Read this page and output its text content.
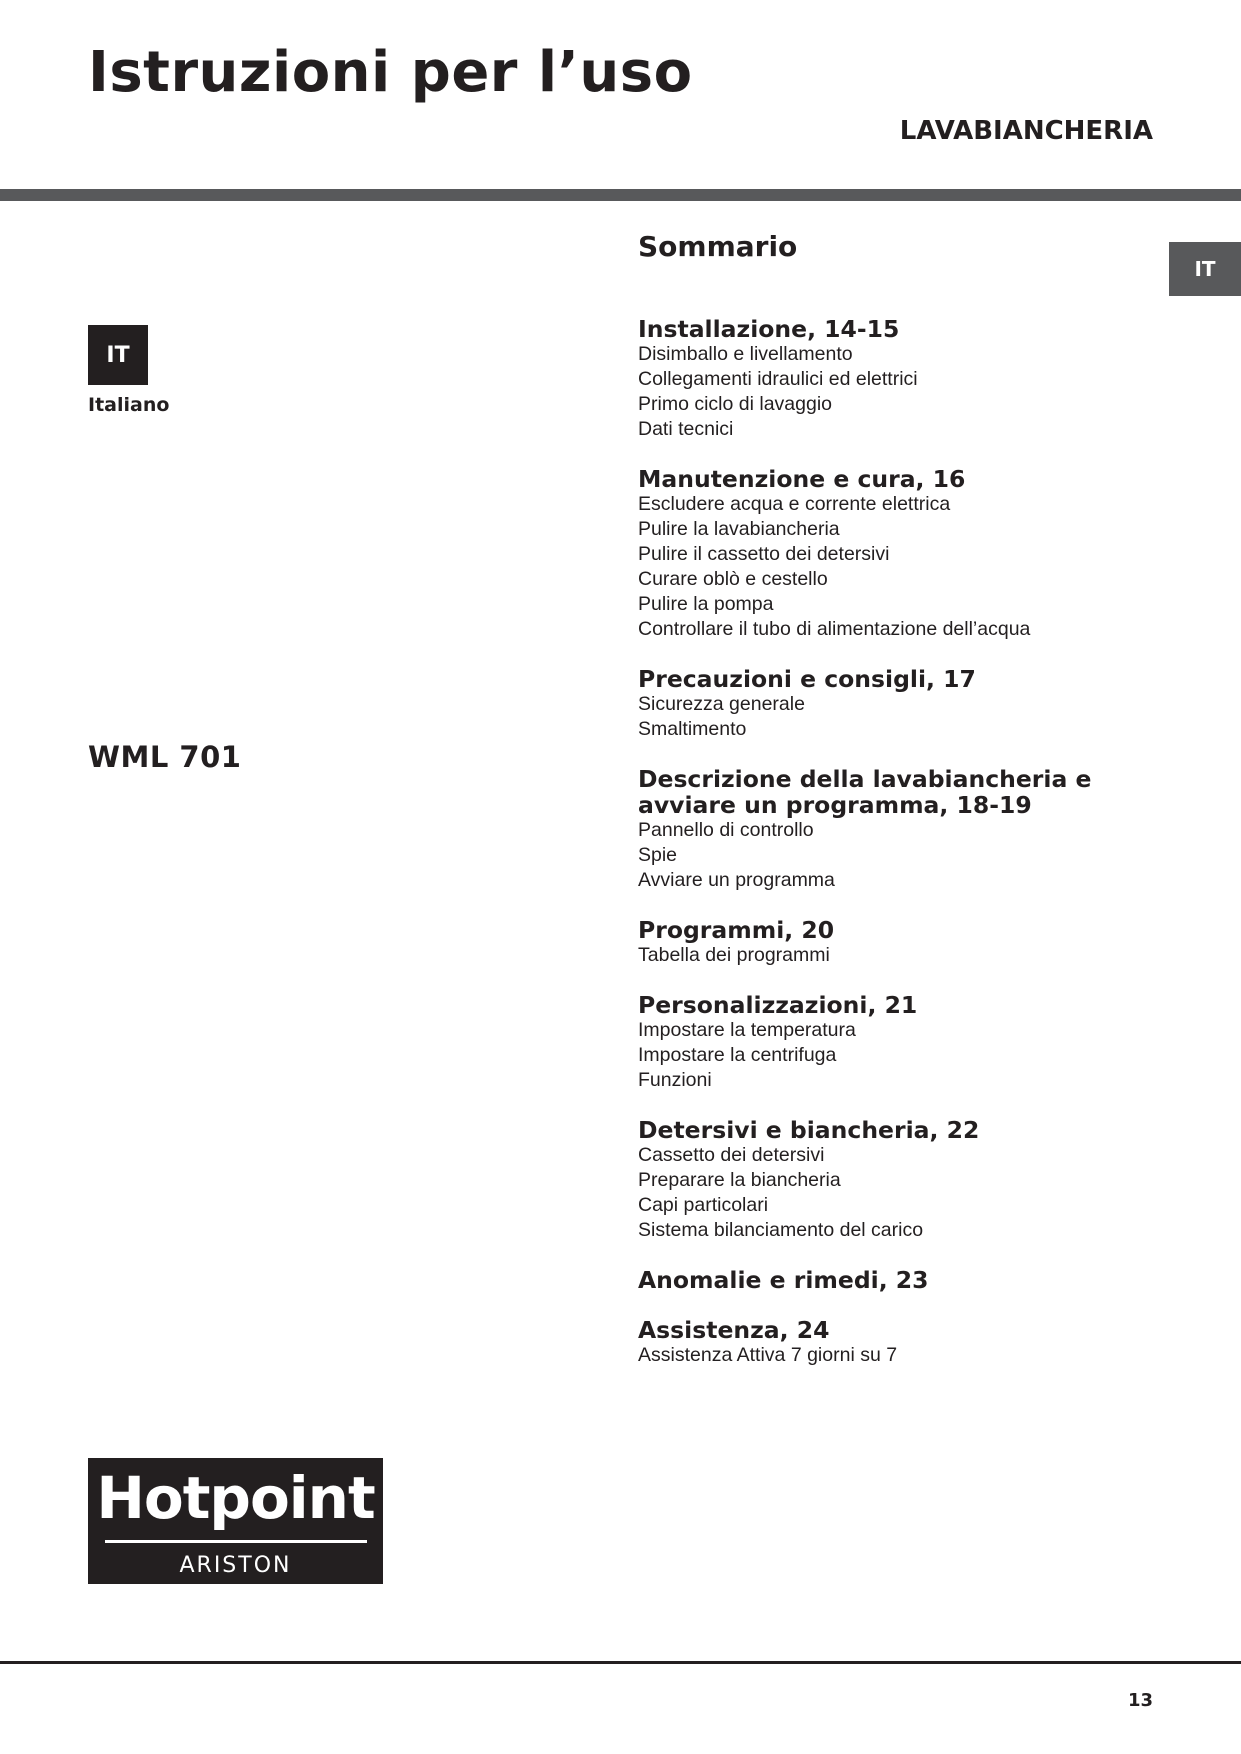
Istruzioni per l’uso
LAVABIANCHERIA
IT
IT
Italiano
WML 701
Sommario
Installazione, 14-15
Disimballo e livellamento
Collegamenti idraulici ed elettrici
Primo ciclo di lavaggio
Dati tecnici
Manutenzione e cura, 16
Escludere acqua e corrente elettrica
Pulire la lavabiancheria
Pulire il cassetto dei detersivi
Curare oblò e cestello
Pulire la pompa
Controllare il tubo di alimentazione dell’acqua
Precauzioni e consigli, 17
Sicurezza generale
Smaltimento
Descrizione della lavabiancheria e
avviare un programma, 18-19
Pannello di controllo
Spie
Avviare un programma
Programmi, 20
Tabella dei programmi
Personalizzazioni, 21
Impostare la temperatura
Impostare la centrifuga
Funzioni
Detersivi e biancheria, 22
Cassetto dei detersivi
Preparare la biancheria
Capi particolari
Sistema bilanciamento del carico
Anomalie e rimedi, 23
Assistenza, 24
Assistenza Attiva 7 giorni su 7
Hotpoint
ARISTON
13
